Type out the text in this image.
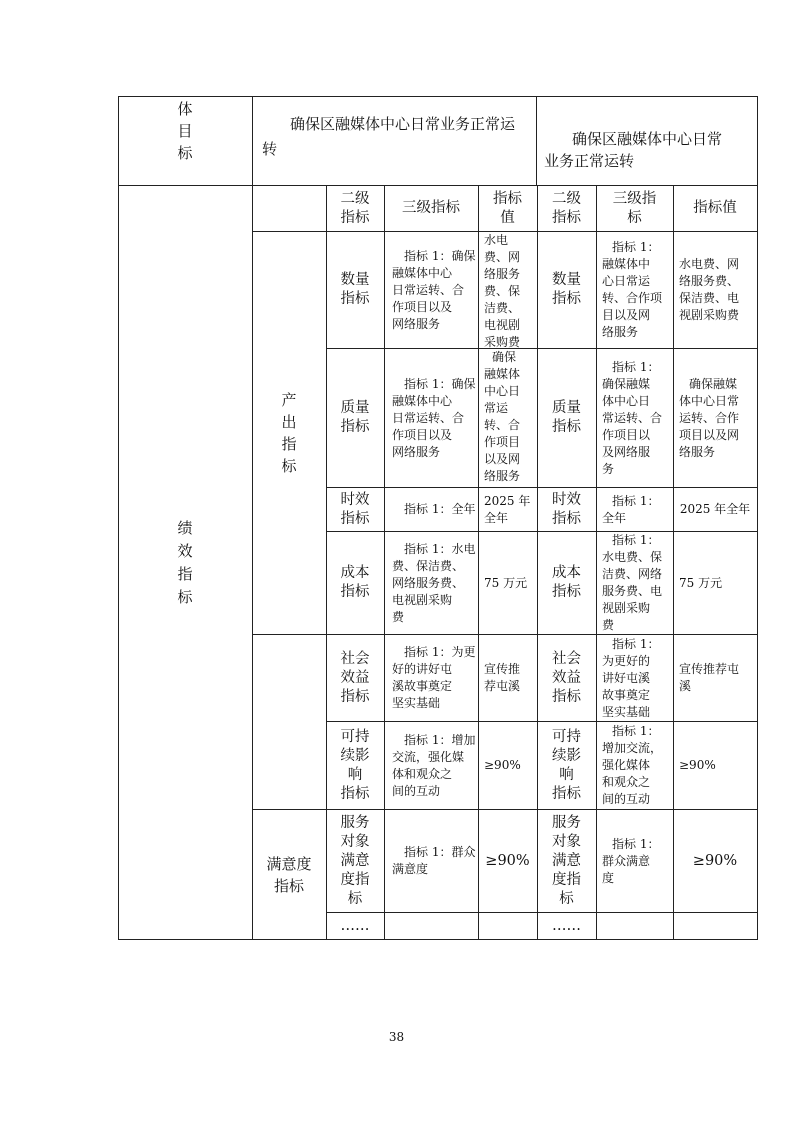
体
目
标
确保区融媒体中心日常业务正常运
转
确保区融媒体中心日常
业务正常运转
绩
效
指
标
二级
指标
三级指标
指标
值
二级
指标
三级指
标
指标值
产
出
指
标
满意度
指标
数量
指标
指标 1：确保
融媒体中心
日常运转、合
作项目以及
网络服务
水电
费、网
络服务
费、保
洁费、
电视剧
采购费
数量
指标
指标 1：
融媒体中
心日常运
转、合作项
目以及网
络服务
水电费、网
络服务费、
保洁费、电
视剧采购费
质量
指标
指标 1：确保
融媒体中心
日常运转、合
作项目以及
网络服务
确保
融媒体
中心日
常运
转、合
作项目
以及网
络服务
质量
指标
指标 1：
确保融媒
体中心日
常运转、合
作项目以
及网络服
务
确保融媒
体中心日常
运转、合作
项目以及网
络服务
时效
指标
指标 1：全年
2025 年
全年
时效
指标
指标 1：
全年
2025 年全年
成本
指标
指标 1：水电
费、保洁费、
网络服务费、
电视剧采购
费
75 万元
成本
指标
指标 1：
水电费、保
洁费、网络
服务费、电
视剧采购
费
75 万元
社会
效益
指标
指标 1：为更
好的讲好屯
溪故事奠定
坚实基础
宣传推
荐屯溪
社会
效益
指标
指标 1：
为更好的
讲好屯溪
故事奠定
坚实基础
宣传推荐屯
溪
可持
续影
响
指标
指标 1：增加
交流，强化媒
体和观众之
间的互动
≥90%
可持
续影
响
指标
指标 1：
增加交流，
强化媒体
和观众之
间的互动
≥90%
服务
对象
满意
度指
标
指标 1：群众
满意度
≥90%
服务
对象
满意
度指
标
指标 1：
群众满意
度
≥90%
……	……
38
